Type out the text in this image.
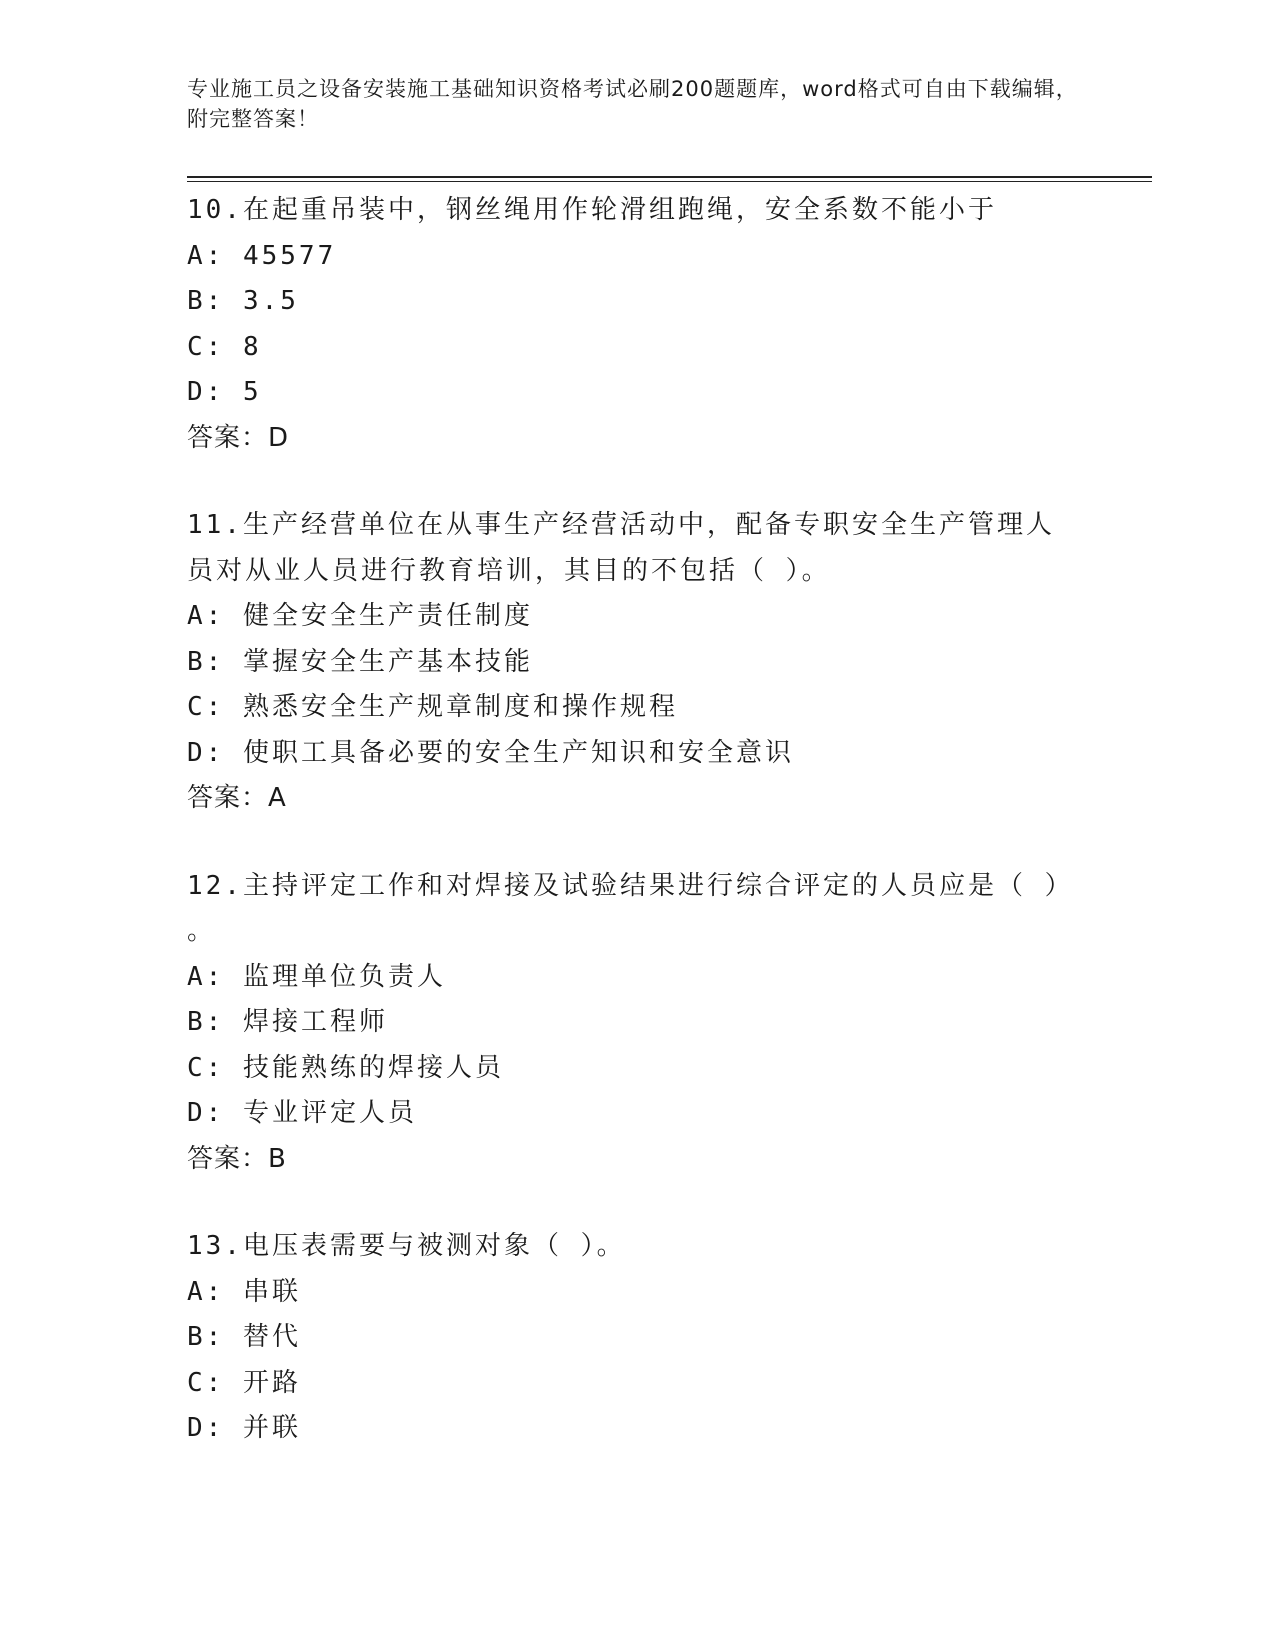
专业施工员之设备安装施工基础知识资格考试必刷200题题库，word格式可自由下载编辑，附完整答案！
10.在起重吊装中，钢丝绳用作轮滑组跑绳，安全系数不能小于
A: 45577
B: 3.5
C: 8
D: 5
答案：D
11.生产经营单位在从事生产经营活动中，配备专职安全生产管理人员对从业人员进行教育培训，其目的不包括（ ）。
A: 健全安全生产责任制度
B: 掌握安全生产基本技能
C: 熟悉安全生产规章制度和操作规程
D: 使职工具备必要的安全生产知识和安全意识
答案：A
12.主持评定工作和对焊接及试验结果进行综合评定的人员应是（ ）
。
A: 监理单位负责人
B: 焊接工程师
C: 技能熟练的焊接人员
D: 专业评定人员
答案：B
13.电压表需要与被测对象（ ）。
A: 串联
B: 替代
C: 开路
D: 并联
